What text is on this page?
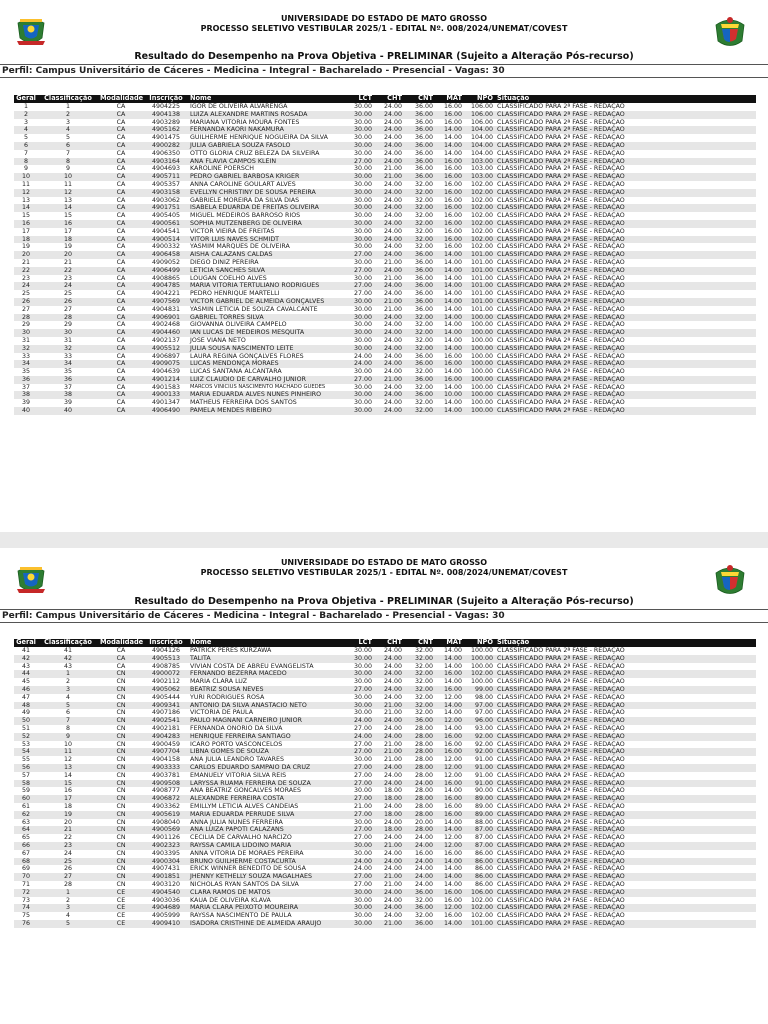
UNIVERSIDADE DO ESTADO DE MATO GROSSO
PROCESSO SELETIVO VESTIBULAR 2025/1 - EDITAL Nº. 008/2024/UNEMAT/COVEST
Resultado do Desempenho na Prova Objetiva - PRELIMINAR (Sujeito a Alteração Pós-recurso)
Perfil: Campus Universitário de Cáceres - Medicina - Integral - Bacharelado - Presencial - Vagas: 30
Geral	Classificação	Modalidade	Inscrição	Nome	LCT	CHT	CNT	MAT	NPO	Situação
1	1	CA	4904225	IGOR DE OLIVEIRA ALVARENGA	30.00	24.00	36.00	16.00	106.00	CLASSIFICADO PARA 2ª FASE - REDAÇÃO
2	2	CA	4904138	LUIZA ALEXANDRE MARTINS ROSADA	30.00	24.00	36.00	16.00	106.00	CLASSIFICADO PARA 2ª FASE - REDAÇÃO
3	3	CA	4903289	MARIANA VITÓRIA MOURA FONTES	30.00	24.00	36.00	16.00	106.00	CLASSIFICADO PARA 2ª FASE - REDAÇÃO
4	4	CA	4905162	FERNANDA KAORI NAKAMURA	30.00	24.00	36.00	14.00	104.00	CLASSIFICADO PARA 2ª FASE - REDAÇÃO
5	5	CA	4901475	GUILHERME HENRIQUE NOGUEIRA DA SILVA	30.00	24.00	36.00	14.00	104.00	CLASSIFICADO PARA 2ª FASE - REDAÇÃO
6	6	CA	4900282	JULIA GABRIELA SOUZA FASOLO	30.00	24.00	36.00	14.00	104.00	CLASSIFICADO PARA 2ª FASE - REDAÇÃO
7	7	CA	4906350	OTTO GLÓRIA CRUZ BELEZA DA SILVEIRA	30.00	24.00	36.00	14.00	104.00	CLASSIFICADO PARA 2ª FASE - REDAÇÃO
8	8	CA	4903164	ANA FLÁVIA CAMPOS KLEIN	27.00	24.00	36.00	16.00	103.00	CLASSIFICADO PARA 2ª FASE - REDAÇÃO
9	9	CA	4904693	KAROLINE POERSCH	30.00	21.00	36.00	16.00	103.00	CLASSIFICADO PARA 2ª FASE - REDAÇÃO
10	10	CA	4905711	PEDRO GABRIEL BARBOSA KRIGER	30.00	21.00	36.00	16.00	103.00	CLASSIFICADO PARA 2ª FASE - REDAÇÃO
11	11	CA	4905357	ANNA CAROLINE GOULART ALVES	30.00	24.00	32.00	16.00	102.00	CLASSIFICADO PARA 2ª FASE - REDAÇÃO
12	12	CA	4903158	EVELLYN CHRISTINY DE SOUSA PEREIRA	30.00	24.00	32.00	16.00	102.00	CLASSIFICADO PARA 2ª FASE - REDAÇÃO
13	13	CA	4903062	GABRIELE MOREIRA DA SILVA DIAS	30.00	24.00	32.00	16.00	102.00	CLASSIFICADO PARA 2ª FASE - REDAÇÃO
14	14	CA	4901751	ISABELA EDUARDA DE FREITAS OLIVEIRA	30.00	24.00	32.00	16.00	102.00	CLASSIFICADO PARA 2ª FASE - REDAÇÃO
15	15	CA	4905405	MIGUEL MEDEIROS BARROSO RIOS	30.00	24.00	32.00	16.00	102.00	CLASSIFICADO PARA 2ª FASE - REDAÇÃO
16	16	CA	4900561	SOPHIA MUTZENBERG DE OLIVEIRA	30.00	24.00	32.00	16.00	102.00	CLASSIFICADO PARA 2ª FASE - REDAÇÃO
17	17	CA	4904541	VICTOR VIEIRA DE FREITAS	30.00	24.00	32.00	16.00	102.00	CLASSIFICADO PARA 2ª FASE - REDAÇÃO
18	18	CA	4900514	VITOR LUÍS NAVES SCHMIDT	30.00	24.00	32.00	16.00	102.00	CLASSIFICADO PARA 2ª FASE - REDAÇÃO
19	19	CA	4900332	YASMIM MARQUES DE OLIVEIRA	30.00	24.00	32.00	16.00	102.00	CLASSIFICADO PARA 2ª FASE - REDAÇÃO
20	20	CA	4906458	AISHA CALAZANS CALDAS	27.00	24.00	36.00	14.00	101.00	CLASSIFICADO PARA 2ª FASE - REDAÇÃO
21	21	CA	4909052	DIEGO DINIZ PEREIRA	30.00	21.00	36.00	14.00	101.00	CLASSIFICADO PARA 2ª FASE - REDAÇÃO
22	22	CA	4906499	LETÍCIA SANCHES SILVA	27.00	24.00	36.00	14.00	101.00	CLASSIFICADO PARA 2ª FASE - REDAÇÃO
23	23	CA	4908865	LOUGAN COELHO ALVES	30.00	21.00	36.00	14.00	101.00	CLASSIFICADO PARA 2ª FASE - REDAÇÃO
24	24	CA	4904785	MARIA VITÓRIA TERTULIANO RODRIGUES	27.00	24.00	36.00	14.00	101.00	CLASSIFICADO PARA 2ª FASE - REDAÇÃO
25	25	CA	4904221	PEDRO HENRIQUE MARTELLI	27.00	24.00	36.00	14.00	101.00	CLASSIFICADO PARA 2ª FASE - REDAÇÃO
26	26	CA	4907569	VICTOR GABRIEL DE ALMEIDA GONÇALVES	30.00	21.00	36.00	14.00	101.00	CLASSIFICADO PARA 2ª FASE - REDAÇÃO
27	27	CA	4904831	YASMIN LETICIA DE SOUZA CAVALCANTE	30.00	21.00	36.00	14.00	101.00	CLASSIFICADO PARA 2ª FASE - REDAÇÃO
28	28	CA	4906901	GABRIEL TORRES SILVA	30.00	24.00	32.00	14.00	100.00	CLASSIFICADO PARA 2ª FASE - REDAÇÃO
29	29	CA	4902468	GIOVANNA OLIVEIRA CAMPELO	30.00	24.00	32.00	14.00	100.00	CLASSIFICADO PARA 2ª FASE - REDAÇÃO
30	30	CA	4904460	IAN LUCAS DE MEDEIROS MESQUITA	30.00	24.00	32.00	14.00	100.00	CLASSIFICADO PARA 2ª FASE - REDAÇÃO
31	31	CA	4902137	JOSÉ VIANA NETO	30.00	24.00	32.00	14.00	100.00	CLASSIFICADO PARA 2ª FASE - REDAÇÃO
32	32	CA	4905512	JULIA SOUSA NASCIMENTO LEITE	30.00	24.00	32.00	14.00	100.00	CLASSIFICADO PARA 2ª FASE - REDAÇÃO
33	33	CA	4906897	LAURA REGINA GONÇALVES FLORES	24.00	24.00	36.00	16.00	100.00	CLASSIFICADO PARA 2ª FASE - REDAÇÃO
34	34	CA	4909075	LUCAS MENDONÇA MORAES	24.00	24.00	36.00	16.00	100.00	CLASSIFICADO PARA 2ª FASE - REDAÇÃO
35	35	CA	4904639	LUCAS SANTANA ALCÂNTARA	30.00	24.00	32.00	14.00	100.00	CLASSIFICADO PARA 2ª FASE - REDAÇÃO
36	36	CA	4901214	LUIZ CLAUDIO DE CARVALHO JÚNIOR	27.00	21.00	36.00	16.00	100.00	CLASSIFICADO PARA 2ª FASE - REDAÇÃO
37	37	CA	4901583	MARCOS VINICIUS NASCIMENTO MACHADO GUEDES	30.00	24.00	32.00	14.00	100.00	CLASSIFICADO PARA 2ª FASE - REDAÇÃO
38	38	CA	4900133	MARIA EDUARDA ALVES NUNES PINHEIRO	30.00	24.00	36.00	10.00	100.00	CLASSIFICADO PARA 2ª FASE - REDAÇÃO
39	39	CA	4901347	MATHEUS FERREIRA DOS SANTOS	30.00	24.00	32.00	14.00	100.00	CLASSIFICADO PARA 2ª FASE - REDAÇÃO
40	40	CA	4906490	PÂMELA MENDES RIBEIRO	30.00	24.00	32.00	14.00	100.00	CLASSIFICADO PARA 2ª FASE - REDAÇÃO
UNIVERSIDADE DO ESTADO DE MATO GROSSO
PROCESSO SELETIVO VESTIBULAR 2025/1 - EDITAL Nº. 008/2024/UNEMAT/COVEST
Resultado do Desempenho na Prova Objetiva - PRELIMINAR (Sujeito a Alteração Pós-recurso)
Perfil: Campus Universitário de Cáceres - Medicina - Integral - Bacharelado - Presencial - Vagas: 30
Geral	Classificação	Modalidade	Inscrição	Nome	LCT	CHT	CNT	MAT	NPO	Situação
41	41	CA	4904126	PATRICK PERES KURZAWA	30.00	24.00	32.00	14.00	100.00	CLASSIFICADO PARA 2ª FASE - REDAÇÃO
42	42	CA	4905513	TALITA	30.00	24.00	32.00	14.00	100.00	CLASSIFICADO PARA 2ª FASE - REDAÇÃO
43	43	CA	4908785	VIVIAN COSTA DE ABREU EVANGELISTA	30.00	24.00	32.00	14.00	100.00	CLASSIFICADO PARA 2ª FASE - REDAÇÃO
44	1	CN	4900072	FERNANDO BEZERRA MACEDO	30.00	24.00	32.00	16.00	102.00	CLASSIFICADO PARA 2ª FASE - REDAÇÃO
45	2	CN	4902112	MARIA CLARA LUZ	30.00	24.00	32.00	14.00	100.00	CLASSIFICADO PARA 2ª FASE - REDAÇÃO
46	3	CN	4905062	BEATRIZ SOUSA NEVES	27.00	24.00	32.00	16.00	99.00	CLASSIFICADO PARA 2ª FASE - REDAÇÃO
47	4	CN	4905444	YURI RODRIGUES ROSA	30.00	24.00	32.00	12.00	98.00	CLASSIFICADO PARA 2ª FASE - REDAÇÃO
48	5	CN	4909341	ANTONIO DA SILVA ANASTACIO NETO	30.00	21.00	32.00	14.00	97.00	CLASSIFICADO PARA 2ª FASE - REDAÇÃO
49	6	CN	4907186	VICTÓRIA DE PAULA	30.00	21.00	32.00	14.00	97.00	CLASSIFICADO PARA 2ª FASE - REDAÇÃO
50	7	CN	4902541	PAULO MAGNANI CARNEIRO JÚNIOR	24.00	24.00	36.00	12.00	96.00	CLASSIFICADO PARA 2ª FASE - REDAÇÃO
51	8	CN	4902181	FERNANDA ONORIO DA SILVA	27.00	24.00	28.00	14.00	93.00	CLASSIFICADO PARA 2ª FASE - REDAÇÃO
52	9	CN	4904283	HENRIQUE FERREIRA SANTIAGO	24.00	24.00	28.00	16.00	92.00	CLASSIFICADO PARA 2ª FASE - REDAÇÃO
53	10	CN	4900459	ICARO PORTO VASCONCELOS	27.00	21.00	28.00	16.00	92.00	CLASSIFICADO PARA 2ª FASE - REDAÇÃO
54	11	CN	4907704	LIBNA GOMES DE SOUZA	27.00	21.00	28.00	16.00	92.00	CLASSIFICADO PARA 2ª FASE - REDAÇÃO
55	12	CN	4904158	ANA JULIA LEANDRO TAVARES	30.00	21.00	28.00	12.00	91.00	CLASSIFICADO PARA 2ª FASE - REDAÇÃO
56	13	CN	4903333	CARLOS EDUARDO SAMPAIO DA CRUZ	27.00	24.00	28.00	12.00	91.00	CLASSIFICADO PARA 2ª FASE - REDAÇÃO
57	14	CN	4903781	EMANUELY VITÓRIA SILVA REIS	27.00	24.00	28.00	12.00	91.00	CLASSIFICADO PARA 2ª FASE - REDAÇÃO
58	15	CN	4909508	LARYSSA RUAMA FERREIRA DE SOUZA	27.00	24.00	24.00	16.00	91.00	CLASSIFICADO PARA 2ª FASE - REDAÇÃO
59	16	CN	4908777	ANA BEATRIZ GONCALVES MORAES	30.00	18.00	28.00	14.00	90.00	CLASSIFICADO PARA 2ª FASE - REDAÇÃO
60	17	CN	4906872	ALEXANDRE FERREIRA COSTA	27.00	18.00	28.00	16.00	89.00	CLASSIFICADO PARA 2ª FASE - REDAÇÃO
61	18	CN	4903362	EMILLYM LETICIA ALVES CANDEIAS	21.00	24.00	28.00	16.00	89.00	CLASSIFICADO PARA 2ª FASE - REDAÇÃO
62	19	CN	4905619	MARIA EDUARDA PERRUDE SILVA	27.00	18.00	28.00	16.00	89.00	CLASSIFICADO PARA 2ª FASE - REDAÇÃO
63	20	CN	4908040	ANNA JULIA NUNES FERREIRA	30.00	24.00	20.00	14.00	88.00	CLASSIFICADO PARA 2ª FASE - REDAÇÃO
64	21	CN	4900569	ANA LUIZA PAPOTI CALAZANS	27.00	18.00	28.00	14.00	87.00	CLASSIFICADO PARA 2ª FASE - REDAÇÃO
65	22	CN	4901126	CECILIA DE CARVALHO NARCIZO	27.00	24.00	24.00	12.00	87.00	CLASSIFICADO PARA 2ª FASE - REDAÇÃO
66	23	CN	4902323	RAYSSA CAMILA LIDOINO MARIA	30.00	21.00	24.00	12.00	87.00	CLASSIFICADO PARA 2ª FASE - REDAÇÃO
67	24	CN	4903395	ANNA VITÓRIA DE MORAES PEREIRA	30.00	24.00	16.00	16.00	86.00	CLASSIFICADO PARA 2ª FASE - REDAÇÃO
68	25	CN	4900304	BRUNO GUILHERME COSTACURTA	24.00	24.00	24.00	14.00	86.00	CLASSIFICADO PARA 2ª FASE - REDAÇÃO
69	26	CN	4907431	ERICK WINNER BENEDITO DE SOUSA	24.00	24.00	24.00	14.00	86.00	CLASSIFICADO PARA 2ª FASE - REDAÇÃO
70	27	CN	4901851	JHENNY KETHELLY SOUZA MAGALHÃES	27.00	21.00	24.00	14.00	86.00	CLASSIFICADO PARA 2ª FASE - REDAÇÃO
71	28	CN	4903120	NICHOLAS RYAN SANTOS DA SILVA	27.00	21.00	24.00	14.00	86.00	CLASSIFICADO PARA 2ª FASE - REDAÇÃO
72	1	CE	4904540	CLARA RAMOS DE MATOS	30.00	24.00	36.00	16.00	106.00	CLASSIFICADO PARA 2ª FASE - REDAÇÃO
73	2	CE	4903036	KAUÃ DE OLIVEIRA KLAVA	30.00	24.00	32.00	16.00	102.00	CLASSIFICADO PARA 2ª FASE - REDAÇÃO
74	3	CE	4904689	MARIA CLARA PEIXOTO MOUREIRA	30.00	24.00	36.00	12.00	102.00	CLASSIFICADO PARA 2ª FASE - REDAÇÃO
75	4	CE	4905999	RAYSSA NASCIMENTO DE PAULA	30.00	24.00	32.00	16.00	102.00	CLASSIFICADO PARA 2ª FASE - REDAÇÃO
76	5	CE	4909410	ISADORA CRISTHINE DE ALMEIDA ARAÚJO	30.00	21.00	36.00	14.00	101.00	CLASSIFICADO PARA 2ª FASE - REDAÇÃO
